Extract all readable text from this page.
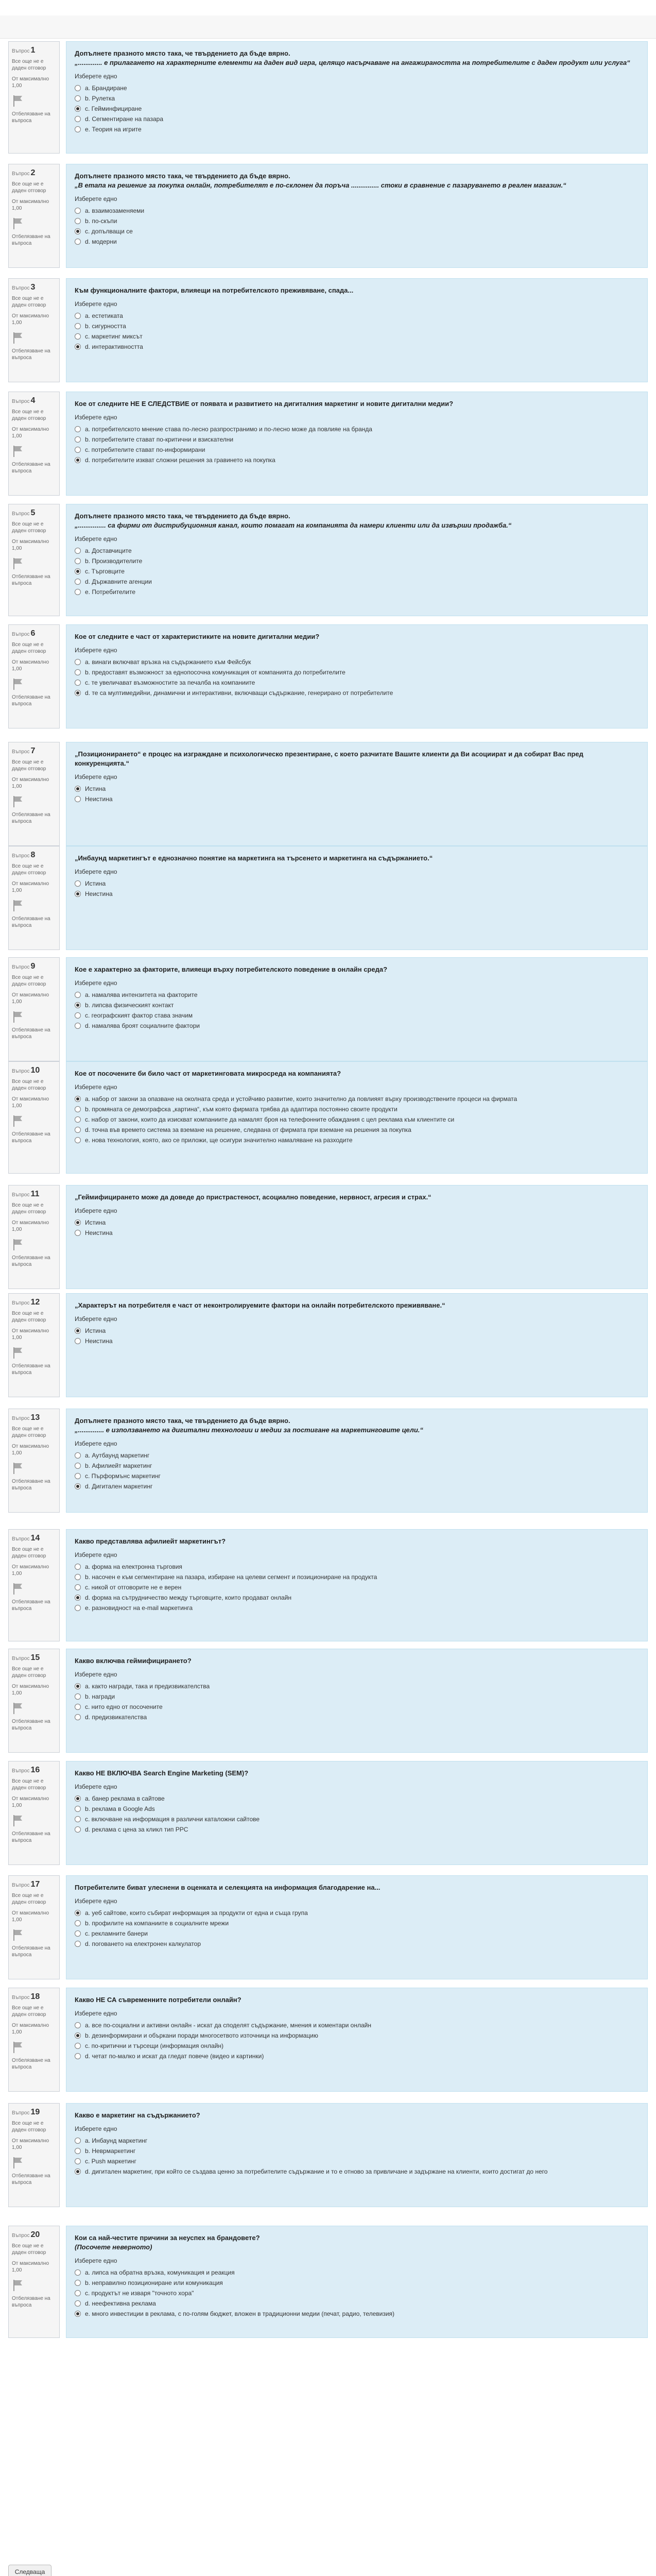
Въпрос 1
Все още не е даден отговор
От максимално
1,00
Отбелязване на въпроса
Допълнете празното място така, че твърдението да бъде вярно.
„............. е прилагането на характерните елементи на даден вид игра, целящо насърчаване на ангажираността на потребителите с даден продукт или услуга“
Изберете едно
a. Брандиране
b. Рулетка
c. Гейминфициране
d. Сегментиране на пазара
e. Теория на игрите
Въпрос 2
Все още не е даден отговор
От максимално
1,00
Отбелязване на въпроса
Допълнете празното място така, че твърдението да бъде вярно.
„В етапа на решение за покупка онлайн, потребителят е по-склонен да поръча ............... стоки в сравнение с пазаруването в реален магазин.“
Изберете едно
a. взаимозаменяеми
b. по-скъпи
c. допълващи се
d. модерни
Въпрос 3
Все още не е даден отговор
От максимално
1,00
Отбелязване на въпроса
Към функционалните фактори, влияещи на потребителското преживяване, спада...
Изберете едно
a. естетиката
b. сигурността
c. маркетинг миксът
d. интерактивността
Въпрос 4
Все още не е даден отговор
От максимално
1,00
Отбелязване на въпроса
Кое от следните НЕ Е СЛЕДСТВИЕ от появата и развитието на дигиталния маркетинг и новите дигитални медии?
Изберете едно
a. потребителското мнение става по-лесно разпространимо и по-лесно може да повлияе на брандa
b. потребителите стават по-критични и взискателни
c. потребителите стават по-информирани
d. потребителите изкват сложни решения за гравинето на покупка
Въпрос 5
Все още не е даден отговор
От максимално
1,00
Отбелязване на въпроса
Допълнете празното място така, че твърдението да бъде вярно.
„............... са фирми от дистрибуционния канал, които помагат на компанията да намери клиенти или да извърши продажба.“
Изберете едно
a. Доставчиците
b. Производителите
c. Търговците
d. Държавните агенции
e. Потребителите
Въпрос 6
Все още не е даден отговор
От максимално
1,00
Отбелязване на въпроса
Кое от следните е част от характеристиките на новите дигитални медии?
Изберете едно
a. винаги включват връзка на съдържанието към Фейсбук
b. предоставят възможност за еднопосочна комуникация от компанията до потребителите
c. те увеличават възможностите за печалба на компаниите
d. те са мултимедийни, динамични и интерактивни, включващи съдържание, генерирано от потребителите
Въпрос 7
Все още не е даден отговор
От максимално
1,00
Отбелязване на въпроса
„Позиционирането“ е процес на изграждане и психологическо презентиране, с което разчитате Вашите клиенти да Ви асоциират и да собират Вас пред конкуренцията.“
Изберете едно
Истина
Неистина
Въпрос 8
Все още не е даден отговор
От максимално
1,00
Отбелязване на въпроса
„Инбаунд маркетингът е еднозначно понятие на маркетинга на търсенето и маркетинга на съдържанието.“
Изберете едно
Истина
Неистина
Въпрос 9
Все още не е даден отговор
От максимално
1,00
Отбелязване на въпроса
Кое е характерно за факторите, влияещи върху потребителското поведение в онлайн среда?
Изберете едно
a. намалява интензитета на факторите
b. липсва физическият контакт
c. географският фактор става значим
d. намалява броят социалните фактори
Въпрос 10
Все още не е даден отговор
От максимално
1,00
Отбелязване на въпроса
Кое от посочените би било част от маркетинговата микросреда на компанията?
Изберете едно
a. набор от закони за опазване на околната среда и устойчиво развитие, които значително да повлияят върху производствените процеси на фирмата
b. промяната се демографска „картина“, към която фирмата трябва да адаптира постоянно своите продукти
c. набор от закони, които да изискват компаниите да намалят броя на телефонните обаждания с цел реклама към клиентите си
d. точна във времето система за вземане на решение, следвана от фирмата при вземане на решения за покупка
e. нова технология, която, ако се приложи, ще осигури значително намаляване на разходите
Въпрос 11
Все още не е даден отговор
От максимално
1,00
Отбелязване на въпроса
„Геймифицирането може да доведе до пристрастеност, асоциално поведение, нервност, агресия и страх.“
Изберете едно
Истина
Неистина
Въпрос 12
Все още не е даден отговор
От максимално
1,00
Отбелязване на въпроса
„Характерът на потребителя е част от неконтролируемите фактори на онлайн потребителското преживяване.“
Изберете едно
Истина
Неистина
Въпрос 13
Все още не е даден отговор
От максимално
1,00
Отбелязване на въпроса
Допълнете празното място така, че твърдението да бъде вярно.
„.............. е използването на дигитални технологии и медии за постигане на маркетинговите цели.“
Изберете едно
a. Аутбаунд маркетинг
b. Афилиейт маркетинг
c. Пърформънс маркетинг
d. Дигитален маркетинг
Въпрос 14
Все още не е даден отговор
От максимално
1,00
Отбелязване на въпроса
Какво представлява афилиейт маркетингът?
Изберете едно
a. форма на електронна търговия
b. насочен е към сегментиране на пазара, избиране на целеви сегмент и позициониране на продукта
c. никой от отговорите не е верен
d. форма на сътрудничество между търговците, които продават онлайн
e. разновидност на e-mail маркетинга
Въпрос 15
Все още не е даден отговор
От максимално
1,00
Отбелязване на въпроса
Какво включва геймифицирането?
Изберете едно
a. както награди, така и предизвикателства
b. награди
c. нито едно от посочените
d. предизвикателства
Въпрос 16
Все още не е даден отговор
От максимално
1,00
Отбелязване на въпроса
Какво НЕ ВКЛЮЧВА Search Engine Marketing (SEM)?
Изберете едно
a. банер реклама в сайтове
b. реклама в Google Ads
c. включване на информация в различни каталожни сайтове
d. реклама с цена за кликл тип PPC
Въпрос 17
Все още не е даден отговор
От максимално
1,00
Отбелязване на въпроса
Потребителите биват улеснени в оценката и селекцията на информация благодарение на...
Изберете едно
a. уеб сайтове, които събират информация за продукти от една и съща група
b. профилите на компаниите в социалните мрежи
c. рекламните банери
d. поговането на електронен калкулатор
Въпрос 18
Все още не е даден отговор
От максимално
1,00
Отбелязване на въпроса
Какво НЕ СА съвременните потребители онлайн?
Изберете едно
a. все по-социални и активни онлайн - искат да споделят съдържание, мнения и коментари онлайн
b. дезинформирани и объркани поради многосетвото източници на информацию
c. по-критични и търсещи (информация онлайн)
d. четат по-малко и искат да гледат повече (видео и картинки)
Въпрос 19
Все още не е даден отговор
От максимално
1,00
Отбелязване на въпроса
Какво е маркетинг на съдържанието?
Изберете едно
a. Инбаунд маркетинг
b. Неврмаркетинг
c. Push маркетинг
d. дигитален маркетинг, при който се създава ценно за потребителите съдържание и то е отново за привличане и задържане на клиенти, които достигат до него
Въпрос 20
Все още не е даден отговор
От максимално
1,00
Отбелязване на въпроса
Кои са най-честите причини за неуспех на брандовете?
(Посочете неверното)
Изберете едно
a. липса на обратна връзка, комуникация и реакция
b. неправилно позициониране или комуникация
c. продуктът не изваря "точното хора"
d. неефективна реклама
e. много инвестиции в реклама, с по-голям бюджет, вложен в традиционни медии (печат, радио, телевизия)
Следваща
